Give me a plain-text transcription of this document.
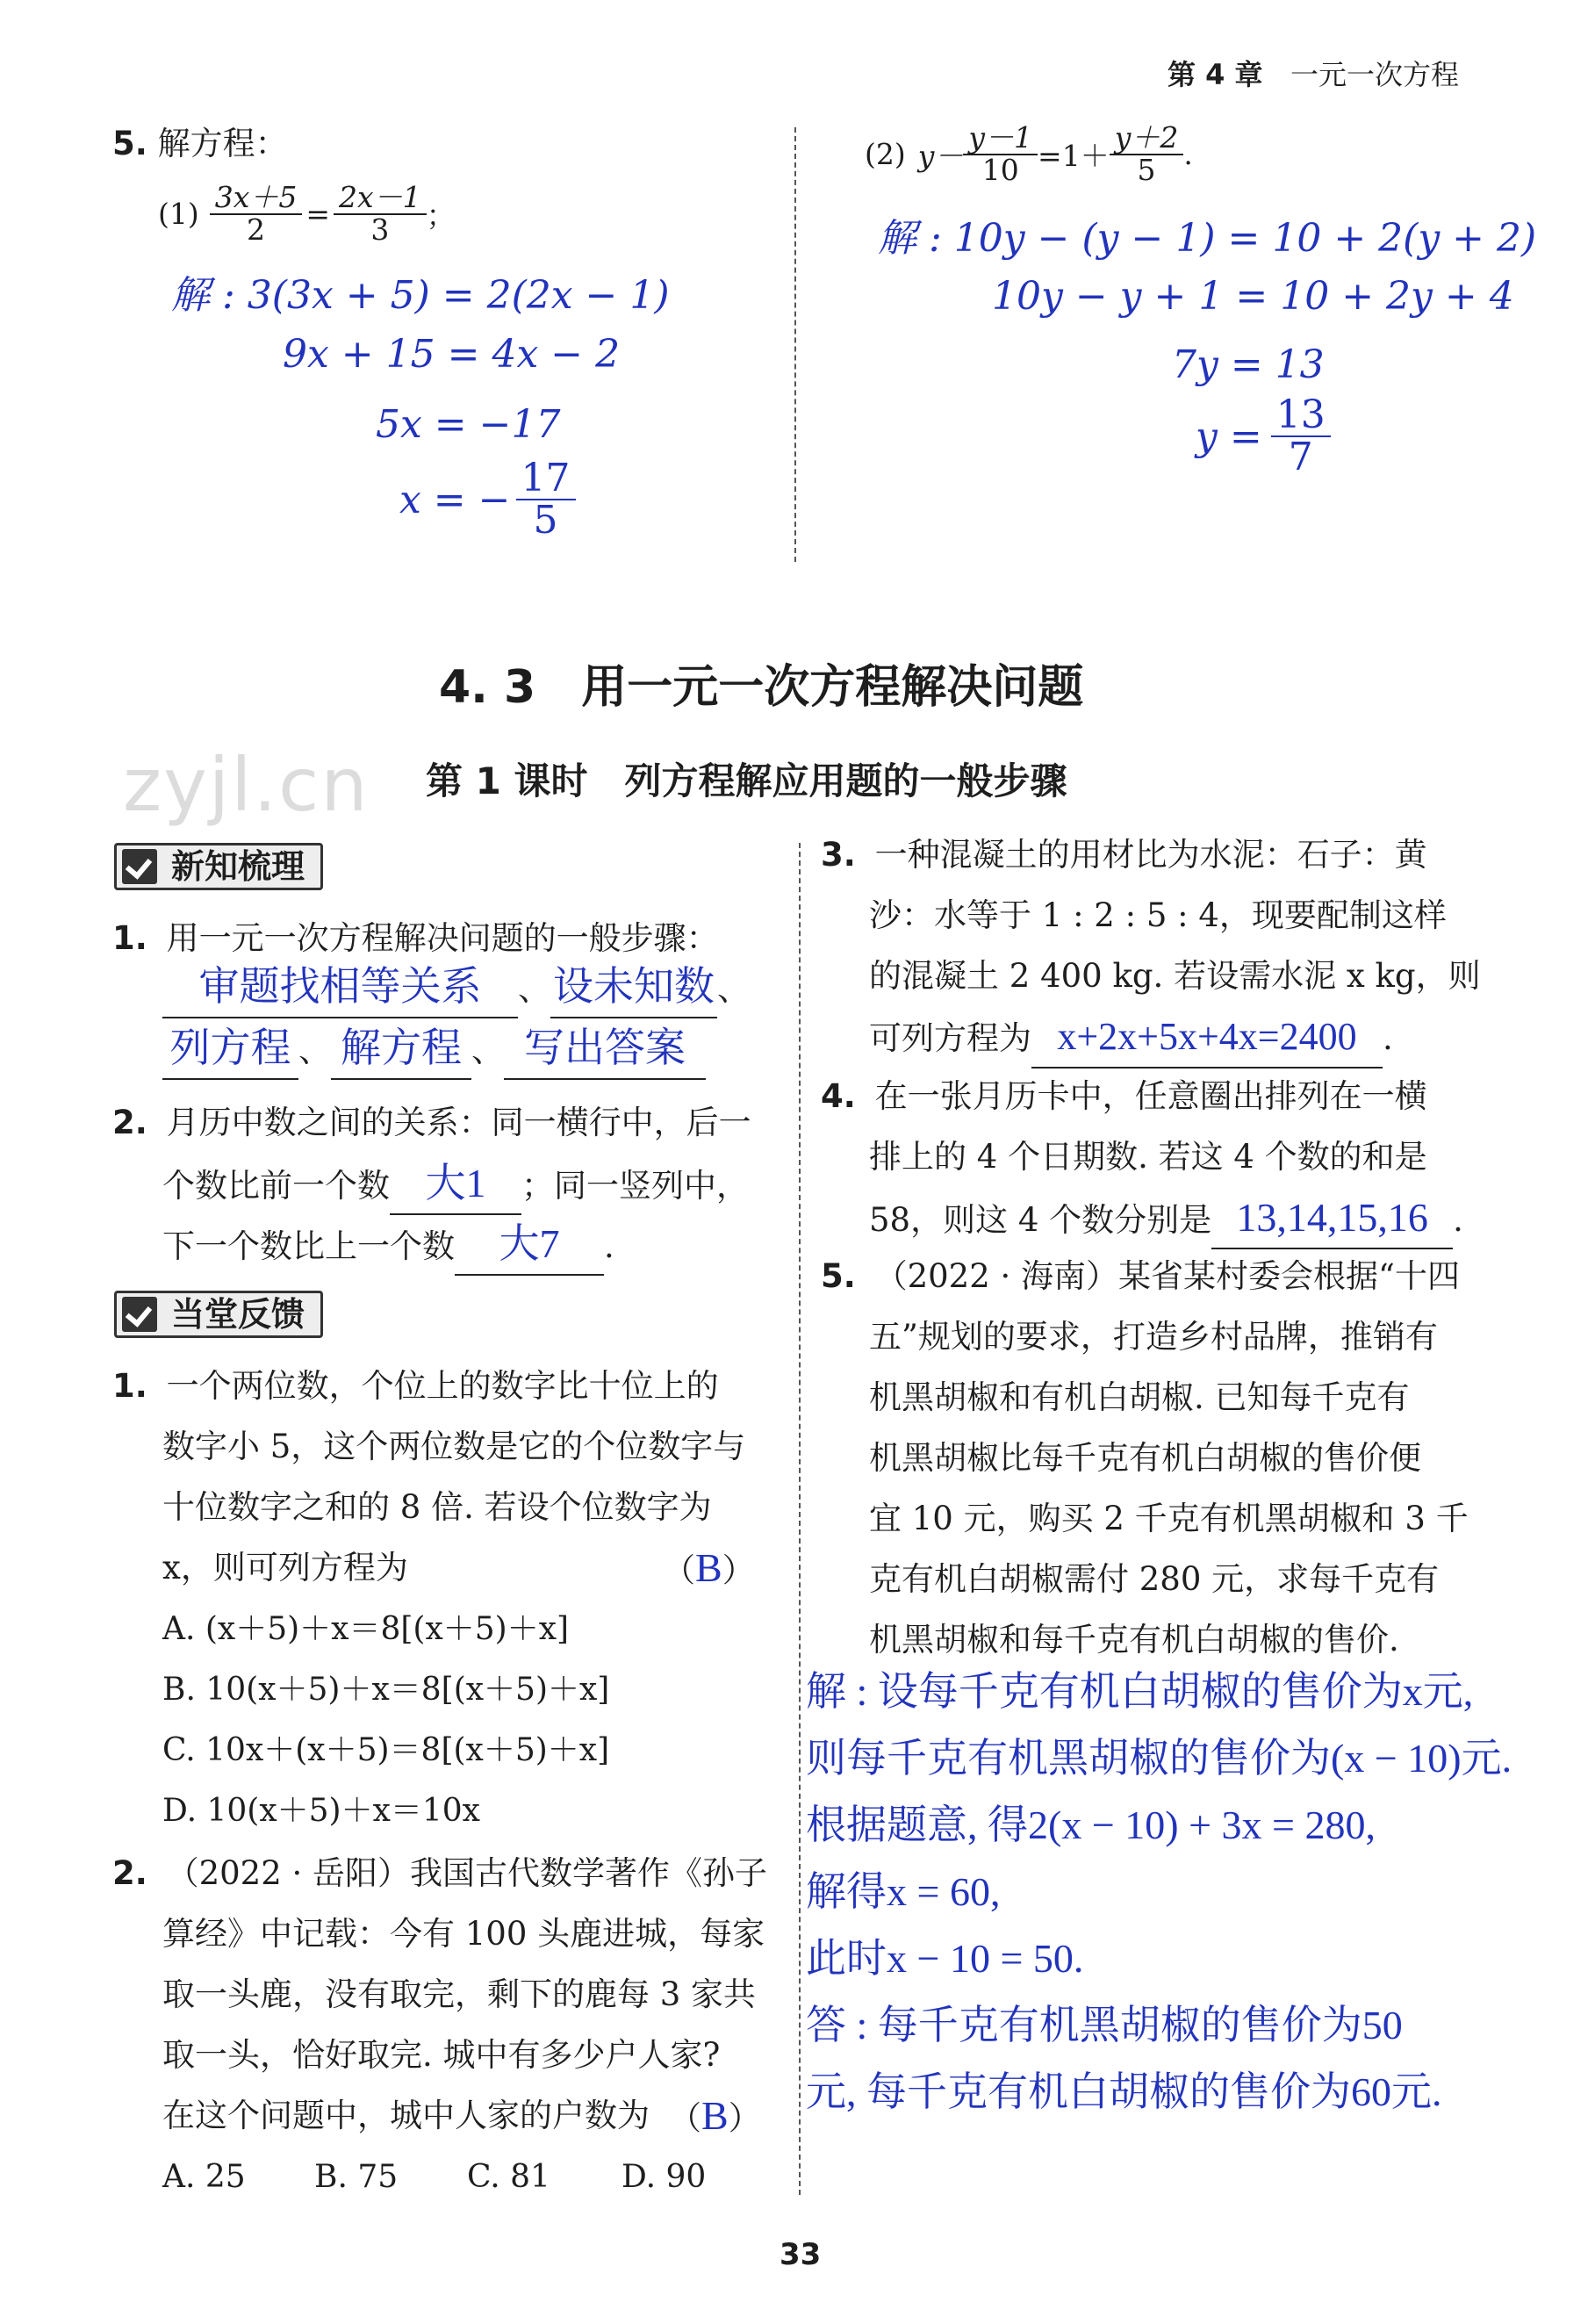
第 4 章 一元一次方程
5. 解方程：
$(1) \frac{3x+5}{2} = \frac{2x-1}{3}$ ；
解 : 3(3x + 5) = 2(2x − 1)
9x + 15 = 4x − 2
5x = −17
x = − $\frac{17}{5}$
(2) $y- \frac{y-1}{10} =1+ \frac{y+2}{5}$ .
解 : 10y − (y − 1) = 10 + 2(y + 2)
10y − y + 1 = 10 + 2y + 4
7y = 13
$y = \frac{13}{7}$
4. 3　用一元一次方程解决问题
zyjl.cn 第 1 课时　列方程解应用题的一般步骤
新知梳理
1. 用一元一次方程解决问题的一般步骤：
审题找相等关系 、设未知数、
列方程 、 解方程 、 写出答案
2. 月历中数之间的关系：同一横行中，后一
个数比前一个数 大1 ；同一竖列中，
下一个数比上一个数 大7 .
当堂反馈
1. 一个两位数，个位上的数字比十位上的
数字小 5，这个两位数是它的个位数字与
十位数字之和的 8 倍. 若设个位数字为
x，则可列方程为	（B）
A. (x＋5)＋x＝8[(x＋5)＋x]
B. 10(x＋5)＋x＝8[(x＋5)＋x]
C. 10x＋(x＋5)＝8[(x＋5)＋x]
D. 10(x＋5)＋x＝10x
2. （2022 · 岳阳）我国古代数学著作《孙子
算经》中记载：今有 100 头鹿进城，每家
取一头鹿，没有取完，剩下的鹿每 3 家共
取一头，恰好取完. 城中有多少户人家?
在这个问题中，城中人家的户数为 （B）
A. 25 B. 75 C. 81 D. 90
3. 一种混凝土的用材比为水泥：石子：黄
沙：水等于 1 : 2 : 5 : 4，现要配制这样
的混凝土 2 400 kg. 若设需水泥 x kg，则
可列方程为 x+2x+5x+4x=2400 .
4. 在一张月历卡中，任意圈出排列在一横
排上的 4 个日期数. 若这 4 个数的和是
58，则这 4 个数分别是 13,14,15,16 .
5. （2022 · 海南）某省某村委会根据“十四
五”规划的要求，打造乡村品牌，推销有
机黑胡椒和有机白胡椒. 已知每千克有
机黑胡椒比每千克有机白胡椒的售价便
宜 10 元，购买 2 千克有机黑胡椒和 3 千
克有机白胡椒需付 280 元，求每千克有
机黑胡椒和每千克有机白胡椒的售价.
解 : 设每千克有机白胡椒的售价为x元,
则每千克有机黑胡椒的售价为(x − 10)元.
根据题意, 得2(x − 10) + 3x = 280,
解得x = 60,
此时x − 10 = 50.
答 : 每千克有机黑胡椒的售价为50
元, 每千克有机白胡椒的售价为60元.
33
